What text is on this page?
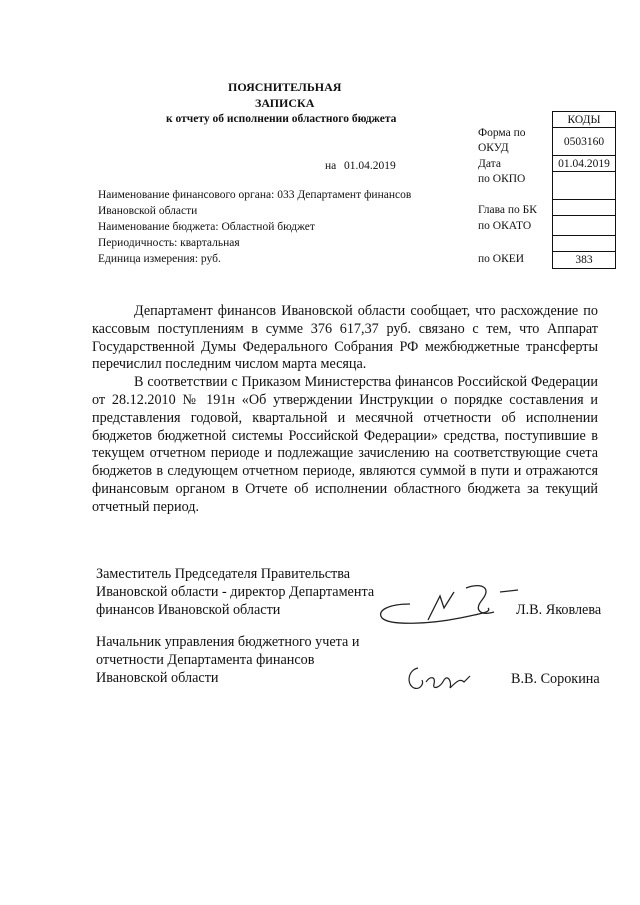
ПОЯСНИТЕЛЬНАЯ
ЗАПИСКА
к отчету об исполнении областного бюджета
на 01.04.2019
КОДЫ
0503160
01.04.2019
383
Форма по
ОКУД
Дата
по ОКПО
Глава по БК
по ОКАТО
по ОКЕИ
Наименование финансового органа: 033 Департамент финансов
Ивановской области
Наименование бюджета: Областной бюджет
Периодичность: квартальная
Единица измерения: руб.

Департамент финансов Ивановской области сообщает, что расхождение по кассовым поступлениям в сумме 376 617,37 руб. связано с тем, что Аппарат Государственной Думы Федерального Собрания РФ межбюджетные трансферты перечислил последним числом марта месяца.

В соответствии с Приказом Министерства финансов Российской Федерации от 28.12.2010 № 191н «Об утверждении Инструкции о порядке составления и представления годовой, квартальной и месячной отчетности об исполнении бюджетов бюджетной системы Российской Федерации» средства, поступившие в текущем отчетном периоде и подлежащие зачислению на соответствующие счета бюджетов в следующем отчетном периоде, являются суммой в пути и отражаются финансовым органом в Отчете об исполнении областного бюджета за текущий отчетный период.

Заместитель Председателя Правительства
Ивановской области - директор Департамента
финансов Ивановской области	Л.В. Яковлева
Начальник управления бюджетного учета и
отчетности Департамента финансов
Ивановской области	В.В. Сорокина
